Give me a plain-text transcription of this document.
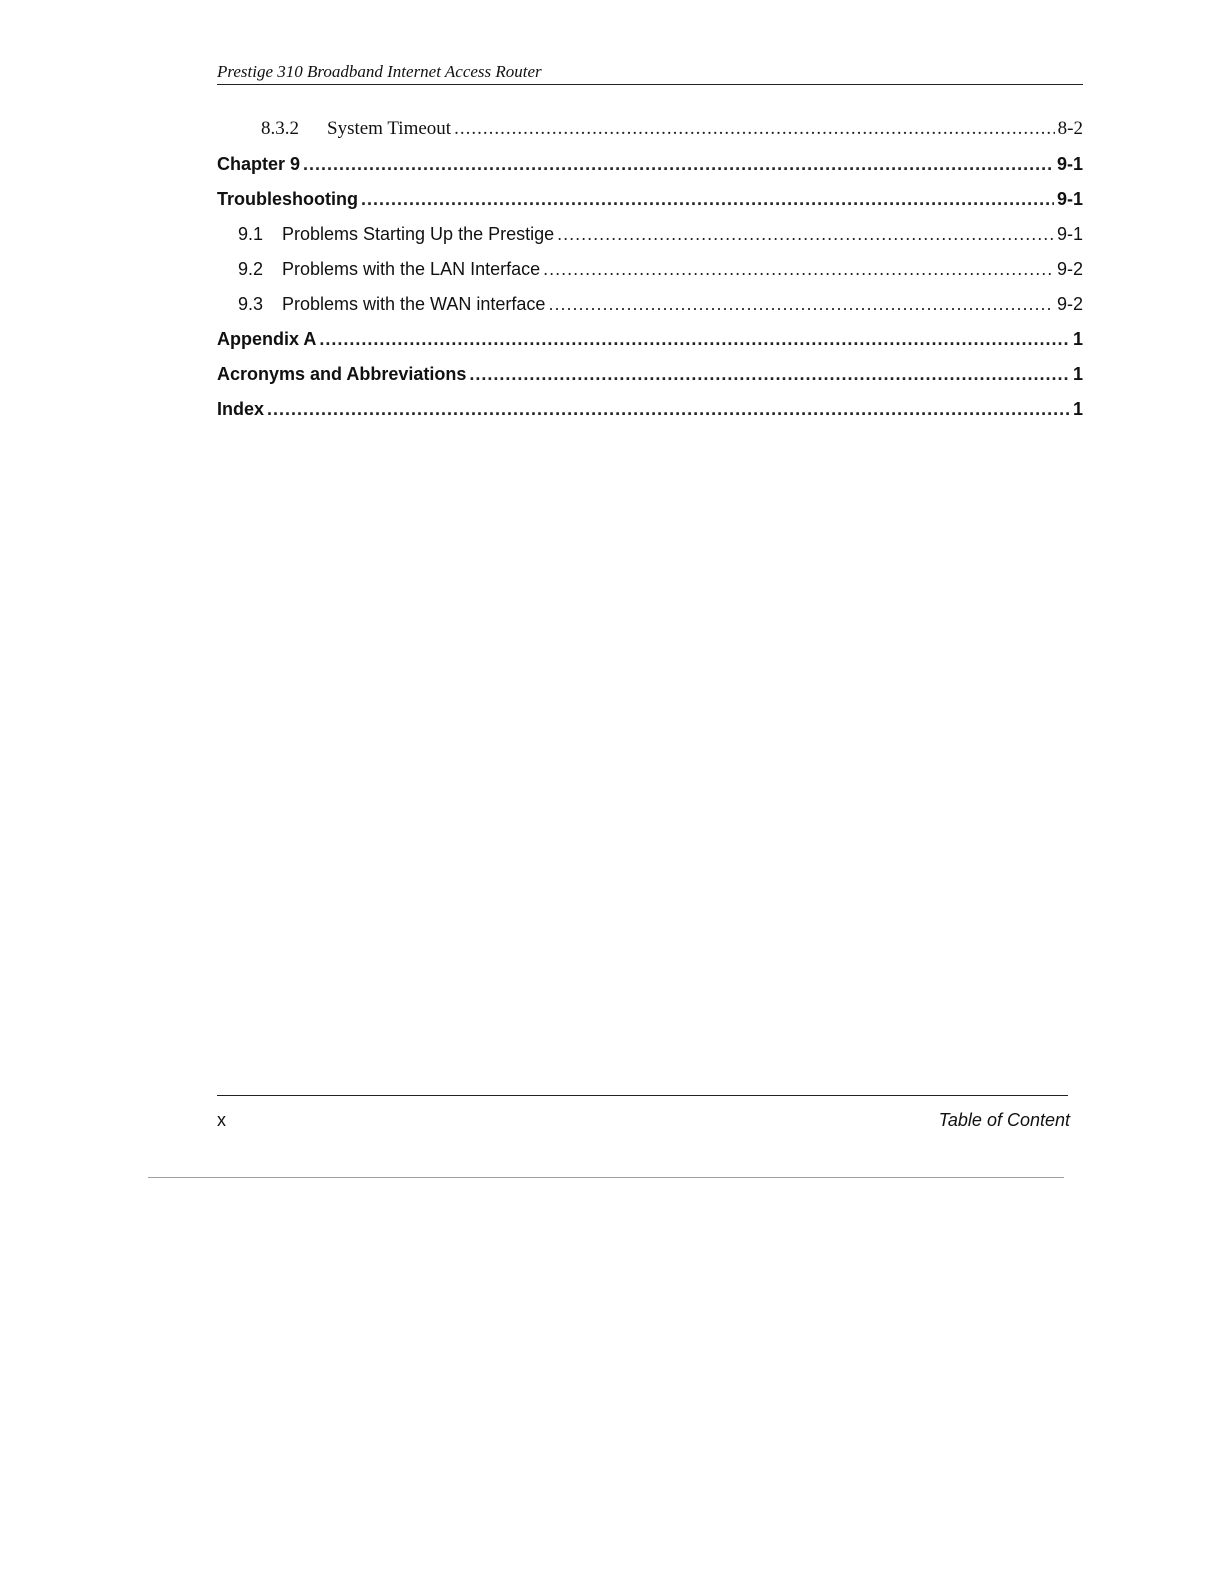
Prestige 310 Broadband Internet Access Router
8.3.2	System Timeout .....	8-2
Chapter 9 .....	9-1
Troubleshooting .....	9-1
9.1	Problems Starting Up the Prestige .....	9-1
9.2	Problems with the LAN Interface .....	9-2
9.3	Problems with the WAN interface .....	9-2
Appendix A .....	1
Acronyms and Abbreviations .....	1
Index .....	1
x	Table of Content
